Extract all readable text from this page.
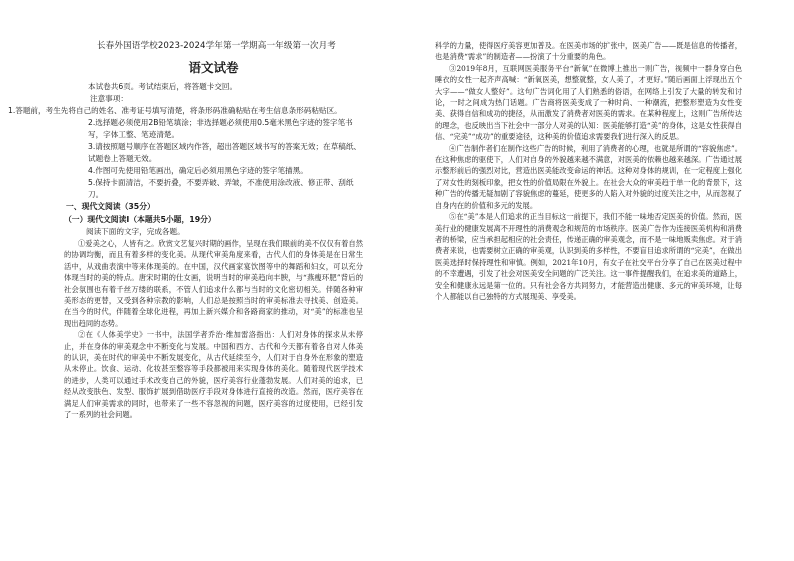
长春外国语学校2023-2024学年第一学期高一年级第一次月考
语文试卷
本试卷共6页。考试结束后，将答题卡交回。
注意事项：
1.答题前，考生先将自己的姓名、准考证号填写清楚，将条形码准确粘贴在考生信息条形码粘贴区。
2.选择题必须使用2B铅笔填涂；非选择题必须使用0.5毫米黑色字迹的签字笔书写，字体工整、笔迹清楚。
3.请按照题号顺序在答题区域内作答，超出答题区域书写的答案无效；在草稿纸、试题卷上答题无效。
4.作图可先使用铅笔画出，确定后必须用黑色字迹的签字笔描黑。
5.保持卡面清洁，不要折叠，不要弄破、弄皱，不准使用涂改液、修正带、刮纸刀。
一、现代文阅读（35分）
（一）现代文阅读Ⅰ（本题共5小题，19分）
阅读下面的文字，完成各题。

①爱美之心，人皆有之。欣赏文艺复兴时期的画作，呈现在我们眼前的美不仅仅有着自然的协调均衡，而且有着多样的变化美。从现代审美角度来看，古代人们的身体美是在日常生活中，从戏曲表演中等来体现美的。在中国，汉代画家宴饮图等中的舞蹈和妇女，可以充分体现当时的美的特点。唐宋时期的仕女画，说明当时的审美趋向丰腴，与“燕瘦环肥”背后的社会氛围也有着千丝万缕的联系，不管人们追求什么都与当时的文化密切相关。伴随各种审美形态的更替，又受到各种宗教的影响，人们总是按照当时的审美标准去寻找美、创造美。在当今的时代，伴随着全球化进程，再加上新兴媒介和各路商家的推动，对“美”的标准也呈现出趋同的态势。

②在《人体美学史》一书中，法国学者乔治·维加雷洛指出：人们对身体的探求从未停止，并在身体的审美观念中不断变化与发展。中国和西方、古代和今天都有着各自对人体美的认识，美在时代的审美中不断发展变化，从古代延续至今，人们对于自身外在形象的塑造从未停止。饮食、运动、化妆甚至整容等手段都被用来实现身体的美化。随着现代医学技术的进步，人类可以通过手术改变自己的外貌，医疗美容行业蓬勃发展。人们对美的追求，已经从改变肤色、发型、服饰扩展到借助医疗手段对身体进行直接的改造。然而，医疗美容在满足人们审美需求的同时，也带来了一些不容忽视的问题，医疗美容的过度使用，已经引发了一系列的社会问题。

科学的力量，使得医疗美容更加普及。在医美市场的扩张中，医美广告——既是信息的传播者，也是消费“需求”的制造者——扮演了十分重要的角色。

③2019年8月，互联网医美服务平台“新氧”在微博上推出一则广告，视频中一群身穿白色睡衣的女性一起齐声高喊：“新氧医美，想整就整，女人美了，才更好。”随后画面上浮现出五个大字——“做女人整好”。这句广告词化用了人们熟悉的俗语，在网络上引发了大量的转发和讨论，一时之间成为热门话题。广告商将医美变成了一种时尚、一种潮流，把整形塑造为女性变美、获得自信和成功的捷径，从而激发了消费者对医美的需求。在某种程度上，这则广告所传达的理念，也反映出当下社会中一部分人对美的认知：医美能够打造“美”的身体，这是女性获得自信、“完美”“成功”的重要途径，这种美的价值追求需要我们进行深入的反思。

④广告制作者们在制作这些广告的时候，利用了消费者的心理，也就是所谓的“容貌焦虑”。在这种焦虑的驱使下，人们对自身的外貌越来越不满意，对医美的依赖也越来越深。广告通过展示整形前后的强烈对比，营造出医美能改变命运的神话。这种对身体的规训，在一定程度上强化了对女性的刻板印象，把女性的价值局限在外貌上。在社会大众的审美趋于单一化的背景下，这种广告的传播无疑加剧了容貌焦虑的蔓延，使更多的人陷入对外貌的过度关注之中，从而忽视了自身内在的价值和多元的发展。

⑤在“美”本是人们追求的正当目标这一前提下，我们不能一味地否定医美的价值。然而，医美行业的健康发展离不开理性的消费观念和规范的市场秩序。医美广告作为连接医美机构和消费者的桥梁，应当承担起相应的社会责任，传递正确的审美观念，而不是一味地贩卖焦虑。对于消费者来说，也需要树立正确的审美观，认识到美的多样性，不要盲目追求所谓的“完美”，在做出医美选择时保持理性和审慎。例如，2021年10月，有女子在社交平台分享了自己在医美过程中的不幸遭遇，引发了社会对医美安全问题的广泛关注。这一事件提醒我们，在追求美的道路上，安全和健康永远是第一位的。只有社会各方共同努力，才能营造出健康、多元的审美环境，让每个人都能以自己独特的方式展现美、享受美。
